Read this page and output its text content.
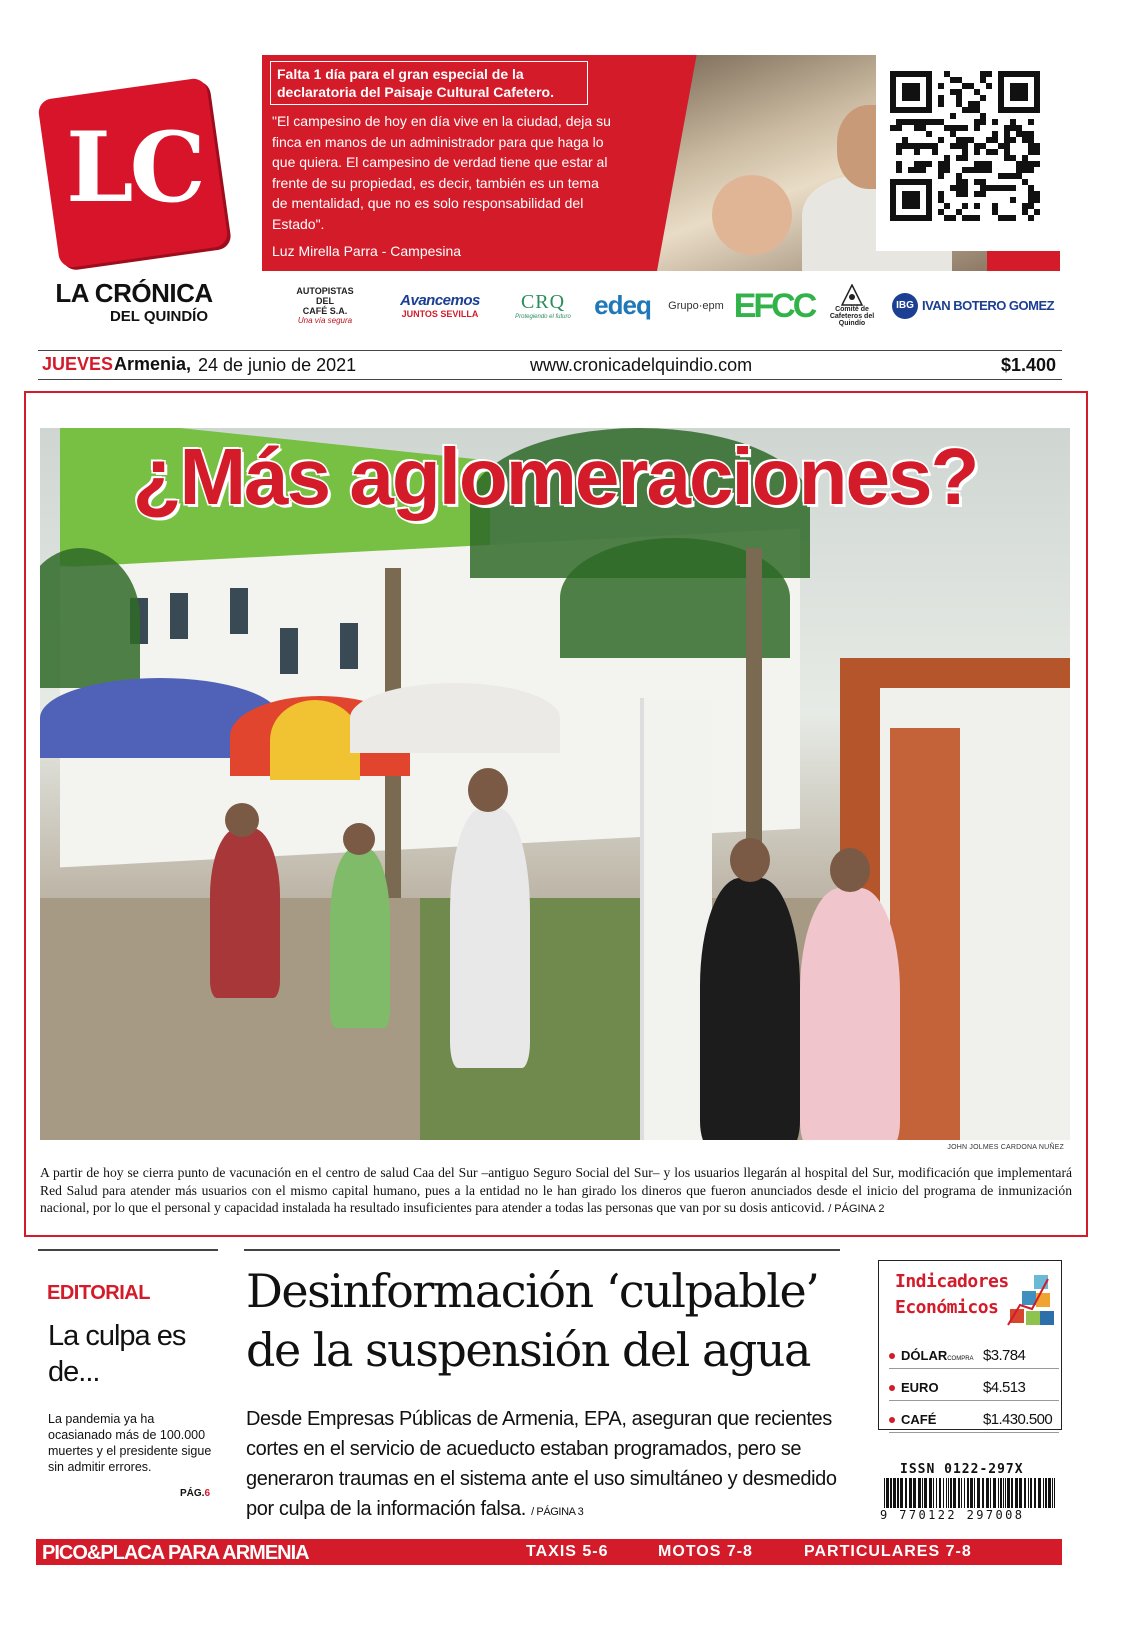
LC
LA CRÓNICA
DEL QUINDÍO
Falta 1 día para el gran especial de la declaratoria del Paisaje Cultural Cafetero.
"El campesino de hoy en día vive en la ciudad, deja su finca en manos de un administrador para que haga lo que quiera. El campesino de verdad tiene que estar al frente de su propiedad, es decir, también es un tema de mentalidad, que no es solo responsabilidad del Estado".
Luz Mirella Parra - Campesina
AUTOPISTAS
DEL
CAFÉ S.A.
Una vía segura
Avancemos
JUNTOS SEVILLA
CRQ
Protegiendo el futuro edeq Grupo·epm EFCC	Comité de Cafeteros del Quindío
IBG IVAN BOTERO GOMEZ
JUEVES Armenia, 24 de junio de 2021	www.cronicadelquindio.com	$1.400
¿Más aglomeraciones?
JOHN JOLMES CARDONA NUÑEZ
A partir de hoy se cierra punto de vacunación en el centro de salud Caa del Sur –antiguo Seguro Social del Sur– y los usuarios llegarán al hospital del Sur, modificación que implementará Red Salud para atender más usuarios con el mismo capital humano, pues a la entidad no le han girado los dineros que fueron anunciados desde el inicio del programa de inmunización nacional, por lo que el personal y capacidad instalada ha resultado insuficientes para atender a todas las personas que van por su dosis anticovid. / PÁGINA 2
EDITORIAL
La culpa es de...
La pandemia ya ha ocasianado más de 100.000 muertes y el presidente sigue sin admitir errores.
PÁG.6
Desinformación ‘culpable’ de la suspensión del agua
Desde Empresas Públicas de Armenia, EPA, aseguran que recientes cortes en el servicio de acueducto estaban programados, pero se generaron traumas en el sistema ante el uso simultáneo y desmedido por culpa de la información falsa. / PÁGINA 3
Indicadores
Económicos
DÓLARCOMPRA $3.784
EURO	$4.513
CAFÉ	$1.430.500
ISSN 0122-297X
9 770122 297008
PICO&PLACA PARA ARMENIA	TAXIS 5-6	MOTOS 7-8	PARTICULARES 7-8
